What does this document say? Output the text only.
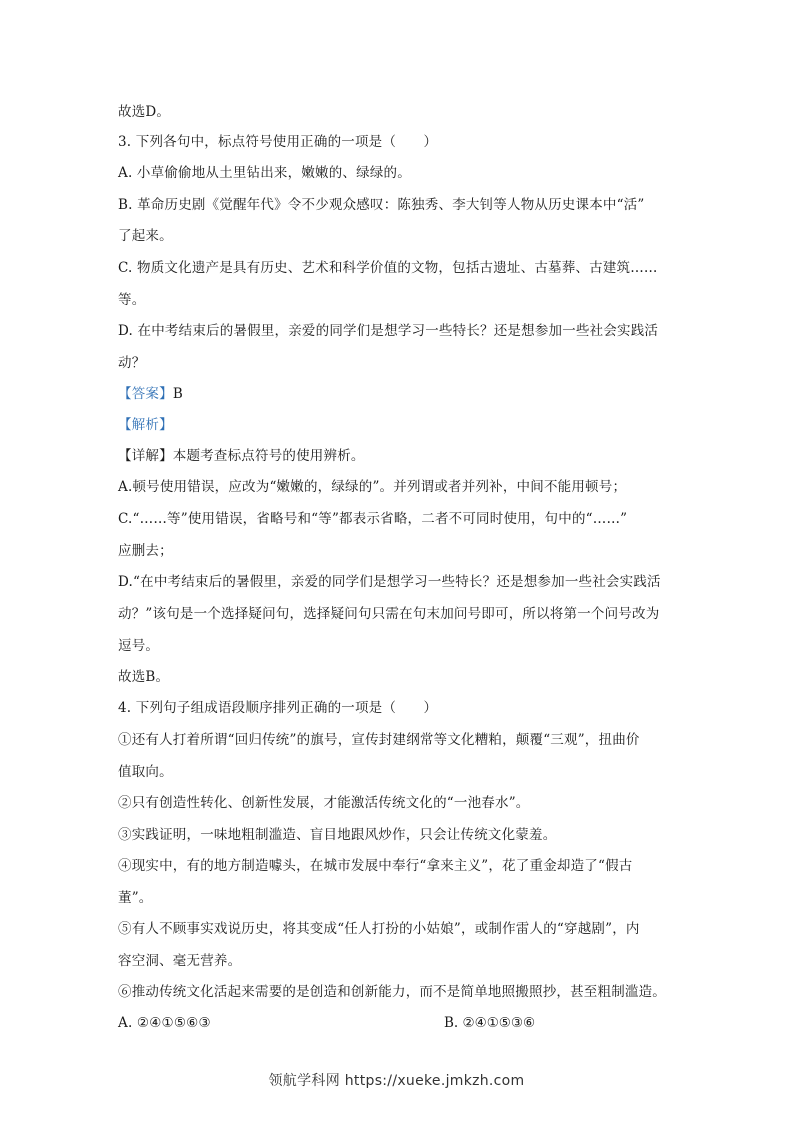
故选D。
3. 下列各句中，标点符号使用正确的一项是（　　）
A. 小草偷偷地从土里钻出来，嫩嫩的、绿绿的。
B. 革命历史剧《觉醒年代》令不少观众感叹：陈独秀、李大钊等人物从历史课本中“活”
了起来。
C. 物质文化遗产是具有历史、艺术和科学价值的文物，包括古遗址、古墓葬、古建筑……
等。
D. 在中考结束后的暑假里，亲爱的同学们是想学习一些特长？还是想参加一些社会实践活
动？
【答案】B
【解析】
【详解】本题考查标点符号的使用辨析。
A.顿号使用错误，应改为“嫩嫩的，绿绿的”。并列谓或者并列补，中间不能用顿号；
C.“……等”使用错误，省略号和“等”都表示省略，二者不可同时使用，句中的“……”
应删去；
D.“在中考结束后的暑假里，亲爱的同学们是想学习一些特长？还是想参加一些社会实践活
动？”该句是一个选择疑问句，选择疑问句只需在句末加问号即可，所以将第一个问号改为
逗号。
故选B。
4. 下列句子组成语段顺序排列正确的一项是（　　）
①还有人打着所谓“回归传统”的旗号，宣传封建纲常等文化糟粕，颠覆“三观”，扭曲价
值取向。
②只有创造性转化、创新性发展，才能激活传统文化的“一池春水”。
③实践证明，一味地粗制滥造、盲目地跟风炒作，只会让传统文化蒙羞。
④现实中，有的地方制造噱头，在城市发展中奉行“拿来主义”，花了重金却造了“假古
董”。
⑤有人不顾事实戏说历史，将其变成“任人打扮的小姑娘”，或制作雷人的“穿越剧”，内
容空洞、毫无营养。
⑥推动传统文化活起来需要的是创造和创新能力，而不是简单地照搬照抄，甚至粗制滥造。
A. ②④①⑤⑥③	B. ②④①⑤③⑥
领航学科网 https://xueke.jmkzh.com
